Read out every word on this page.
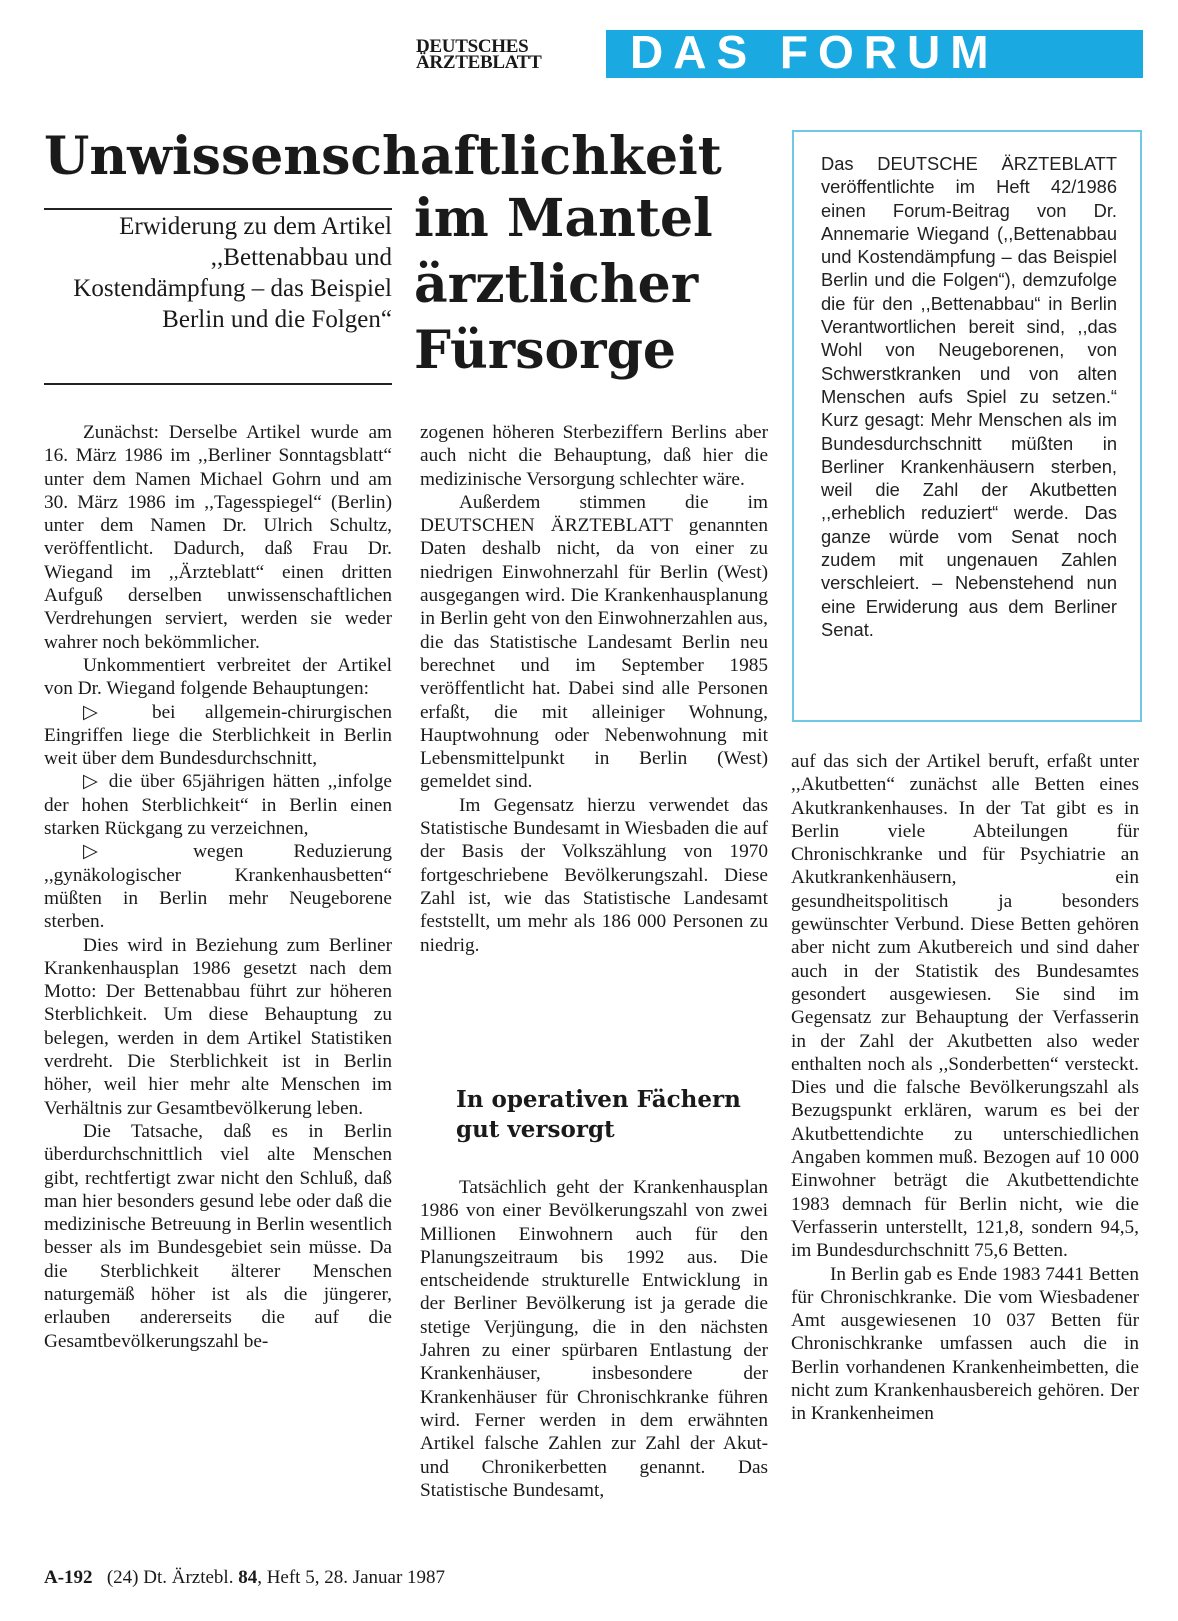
DEUTSCHES
ÄRZTEBLATT	DAS FORUM
Unwissenschaftlichkeit
im Mantel
ärztlicher
Fürsorge
Erwiderung zu dem Artikel ,,Bettenabbau und Kostendämpfung – das Beispiel Berlin und die Folgen“
Das DEUTSCHE ÄRZTEBLATT veröffentlichte im Heft 42/1986 einen Forum-Beitrag von Dr. Annemarie Wiegand (,,Bettenabbau und Kostendämpfung – das Beispiel Berlin und die Folgen“), demzufolge die für den ,,Bettenabbau“ in Berlin Verantwortlichen bereit sind, ,,das Wohl von Neugeborenen, von Schwerstkranken und von alten Menschen aufs Spiel zu setzen.“ Kurz gesagt: Mehr Menschen als im Bundesdurchschnitt müßten in Berliner Krankenhäusern sterben, weil die Zahl der Akutbetten ,,erheblich reduziert“ werde. Das ganze würde vom Senat noch zudem mit ungenauen Zahlen verschleiert. – Nebenstehend nun eine Erwiderung aus dem Berliner Senat.

Zunächst: Derselbe Artikel wurde am 16. März 1986 im ,,Berliner Sonntagsblatt“ unter dem Namen Michael Gohrn und am 30. März 1986 im ,,Tagesspiegel“ (Berlin) unter dem Namen Dr. Ulrich Schultz, veröffentlicht. Dadurch, daß Frau Dr. Wiegand im ,,Ärzteblatt“ einen dritten Aufguß derselben unwissenschaftlichen Verdrehungen serviert, werden sie weder wahrer noch bekömmlicher.

Unkommentiert verbreitet der Artikel von Dr. Wiegand folgende Behauptungen:

▷ bei allgemein-chirurgischen Eingriffen liege die Sterblichkeit in Berlin weit über dem Bundesdurchschnitt,

▷ die über 65jährigen hätten ,,infolge der hohen Sterblichkeit“ in Berlin einen starken Rückgang zu verzeichnen,

▷ wegen Reduzierung ,,gynäkologischer Krankenhausbetten“ müßten in Berlin mehr Neugeborene sterben.

Dies wird in Beziehung zum Berliner Krankenhausplan 1986 gesetzt nach dem Motto: Der Bettenabbau führt zur höheren Sterblichkeit. Um diese Behauptung zu belegen, werden in dem Artikel Statistiken verdreht. Die Sterblichkeit ist in Berlin höher, weil hier mehr alte Menschen im Verhältnis zur Gesamtbevölkerung leben.

Die Tatsache, daß es in Berlin überdurchschnittlich viel alte Menschen gibt, rechtfertigt zwar nicht den Schluß, daß man hier besonders gesund lebe oder daß die medizinische Betreuung in Berlin wesentlich besser als im Bundesgebiet sein müsse. Da die Sterblichkeit älterer Menschen naturgemäß höher ist als die jüngerer, erlauben andererseits die auf die Gesamtbevölkerungszahl be-

zogenen höheren Sterbeziffern Berlins aber auch nicht die Behauptung, daß hier die medizinische Versorgung schlechter wäre.

Außerdem stimmen die im DEUTSCHEN ÄRZTEBLATT genannten Daten deshalb nicht, da von einer zu niedrigen Einwohnerzahl für Berlin (West) ausgegangen wird. Die Krankenhausplanung in Berlin geht von den Einwohnerzahlen aus, die das Statistische Landesamt Berlin neu berechnet und im September 1985 veröffentlicht hat. Dabei sind alle Personen erfaßt, die mit alleiniger Wohnung, Hauptwohnung oder Nebenwohnung mit Lebensmittelpunkt in Berlin (West) gemeldet sind.

Im Gegensatz hierzu verwendet das Statistische Bundesamt in Wiesbaden die auf der Basis der Volkszählung von 1970 fortgeschriebene Bevölkerungszahl. Diese Zahl ist, wie das Statistische Landesamt feststellt, um mehr als 186 000 Personen zu niedrig.

In operativen Fächern gut versorgt

Tatsächlich geht der Krankenhausplan 1986 von einer Bevölkerungszahl von zwei Millionen Einwohnern auch für den Planungszeitraum bis 1992 aus. Die entscheidende strukturelle Entwicklung in der Berliner Bevölkerung ist ja gerade die stetige Verjüngung, die in den nächsten Jahren zu einer spürbaren Entlastung der Krankenhäuser, insbesondere der Krankenhäuser für Chronischkranke führen wird. Ferner werden in dem erwähnten Artikel falsche Zahlen zur Zahl der Akut- und Chronikerbetten genannt. Das Statistische Bundesamt,

auf das sich der Artikel beruft, erfaßt unter ,,Akutbetten“ zunächst alle Betten eines Akutkrankenhauses. In der Tat gibt es in Berlin viele Abteilungen für Chronischkranke und für Psychiatrie an Akutkrankenhäusern, ein gesundheitspolitisch ja besonders gewünschter Verbund. Diese Betten gehören aber nicht zum Akutbereich und sind daher auch in der Statistik des Bundesamtes gesondert ausgewiesen. Sie sind im Gegensatz zur Behauptung der Verfasserin in der Zahl der Akutbetten also weder enthalten noch als ,,Sonderbetten“ versteckt. Dies und die falsche Bevölkerungszahl als Bezugspunkt erklären, warum es bei der Akutbettendichte zu unterschiedlichen Angaben kommen muß. Bezogen auf 10 000 Einwohner beträgt die Akutbettendichte 1983 demnach für Berlin nicht, wie die Verfasserin unterstellt, 121,8, sondern 94,5, im Bundesdurchschnitt 75,6 Betten.

In Berlin gab es Ende 1983 7441 Betten für Chronischkranke. Die vom Wiesbadener Amt ausgewiesenen 10 037 Betten für Chronischkranke umfassen auch die in Berlin vorhandenen Krankenheimbetten, die nicht zum Krankenhausbereich gehören. Der in Krankenheimen

A-192 (24) Dt. Ärztebl. 84, Heft 5, 28. Januar 1987
